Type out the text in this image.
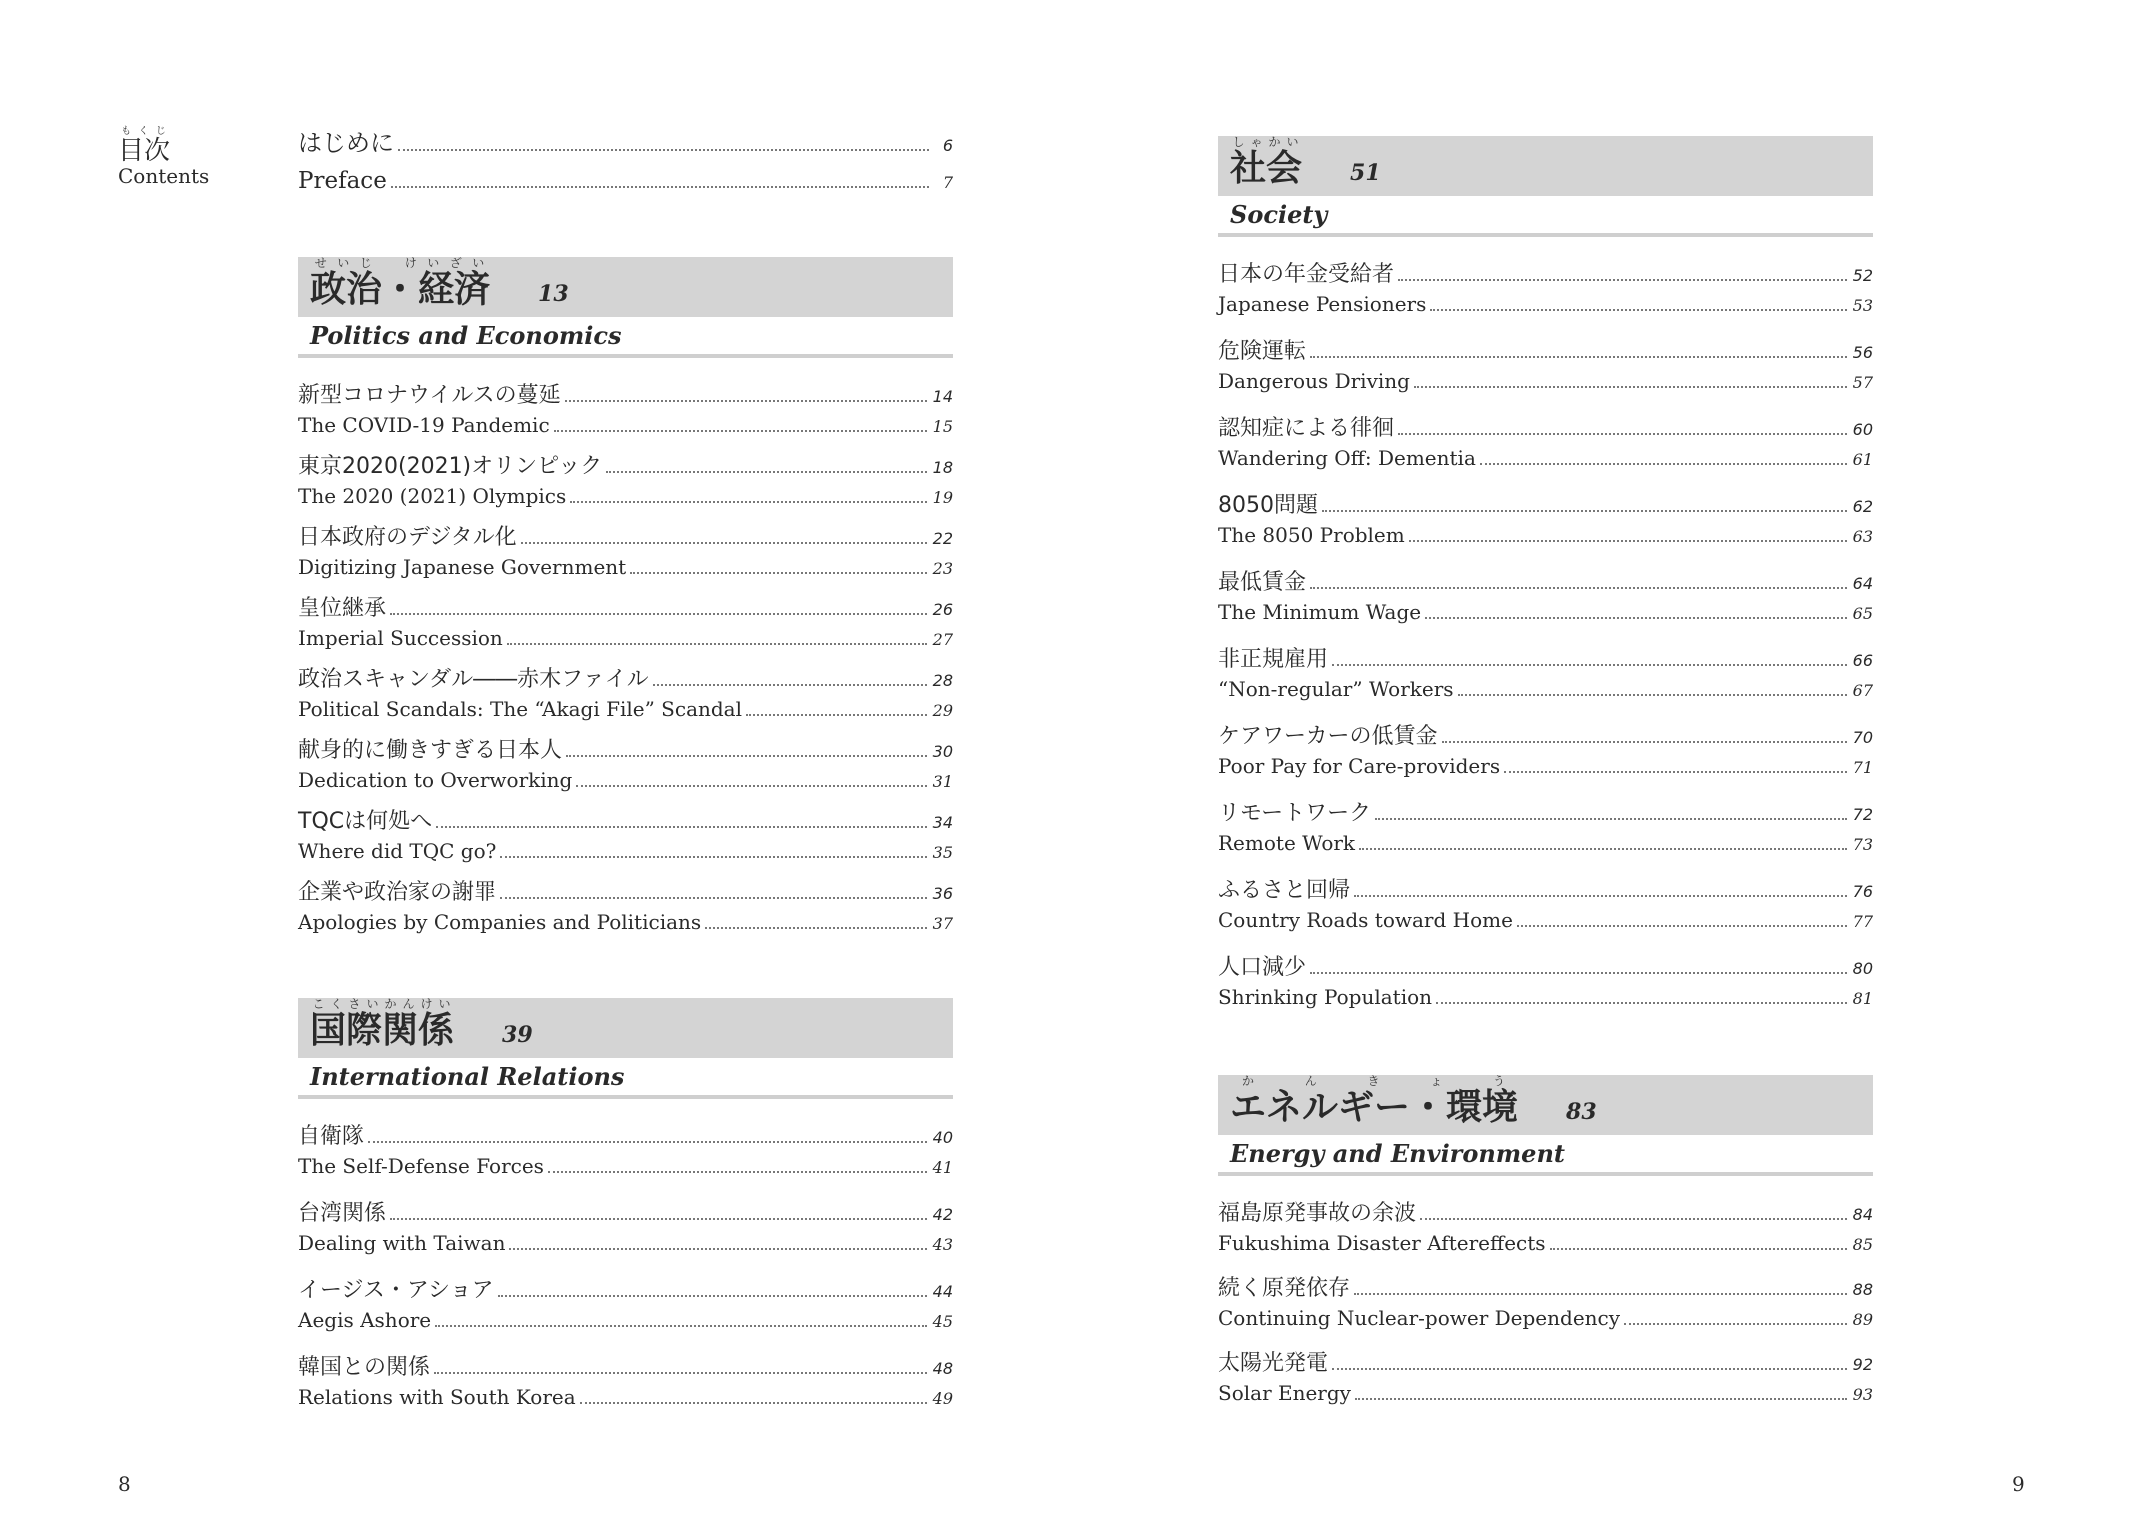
目次もくじ
Contents
はじめに	6
Preface	7
政治・経済せいじ　けいざい
13
Politics and Economics
新型コロナウイルスの蔓延	14
The COVID-19 Pandemic	15
東京2020(2021)オリンピック	18
The 2020 (2021) Olympics	19
日本政府のデジタル化	22
Digitizing Japanese Government	23
皇位継承	26
Imperial Succession	27
政治スキャンダル――赤木ファイル	28
Political Scandals: The “Akagi File” Scandal	29
献身的に働きすぎる日本人	30
Dedication to Overworking	31
TQCは何処へ	34
Where did TQC go?	35
企業や政治家の謝罪	36
Apologies by Companies and Politicians	37
国際関係こくさいかんけい
39
International Relations
自衛隊	40
The Self-Defense Forces	41
台湾関係	42
Dealing with Taiwan	43
イージス・アショア	44
Aegis Ashore	45
韓国との関係	48
Relations with South Korea	49
社会しゃかい
51
Society
日本の年金受給者	52
Japanese Pensioners	53
危険運転	56
Dangerous Driving	57
認知症による徘徊	60
Wandering Off: Dementia	61
8050問題	62
The 8050 Problem	63
最低賃金	64
The Minimum Wage	65
非正規雇用	66
“Non-regular” Workers	67
ケアワーカーの低賃金	70
Poor Pay for Care-providers	71
リモートワーク	72
Remote Work	73
ふるさと回帰	76
Country Roads toward Home	77
人口減少	80
Shrinking Population	81
エネルギー・環境かんきょう
83
Energy and Environment
福島原発事故の余波	84
Fukushima Disaster Aftereffects	85
続く原発依存	88
Continuing Nuclear-power Dependency	89
太陽光発電	92
Solar Energy	93
8	9
